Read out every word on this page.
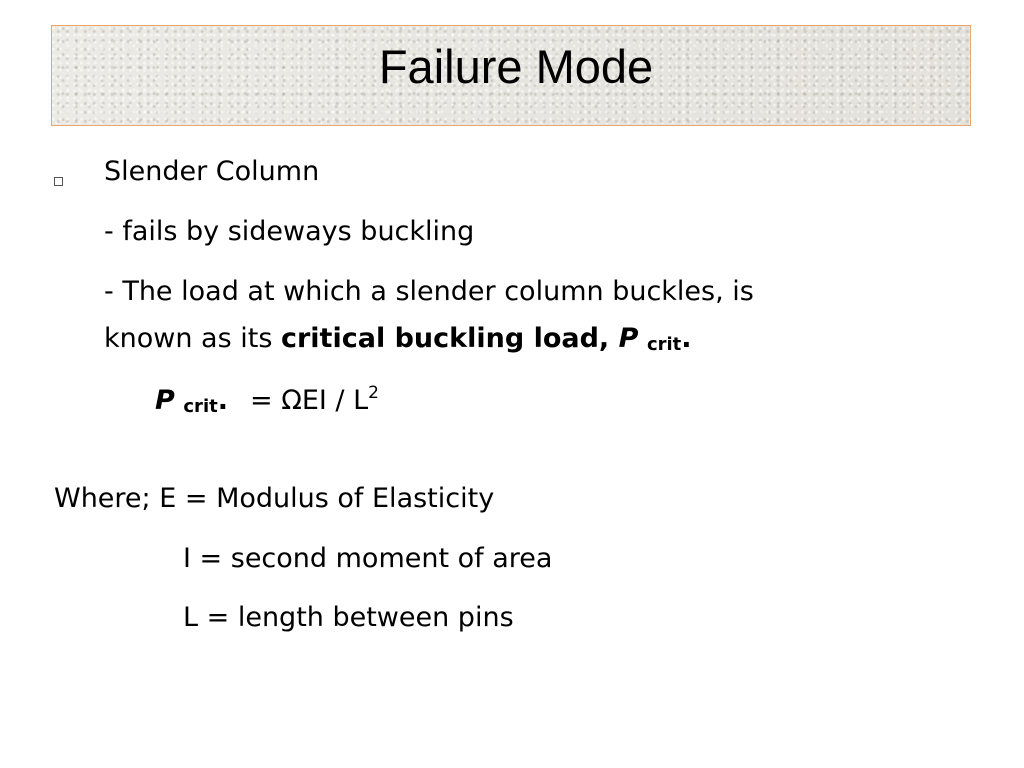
Failure Mode
Slender Column
- fails by sideways buckling
- The load at which a slender column buckles, is
known as its critical buckling load, P crit.
P crit. = ΩEI / $L^2$
Where; E = Modulus of Elasticity
I = second moment of area
L = length between pins
